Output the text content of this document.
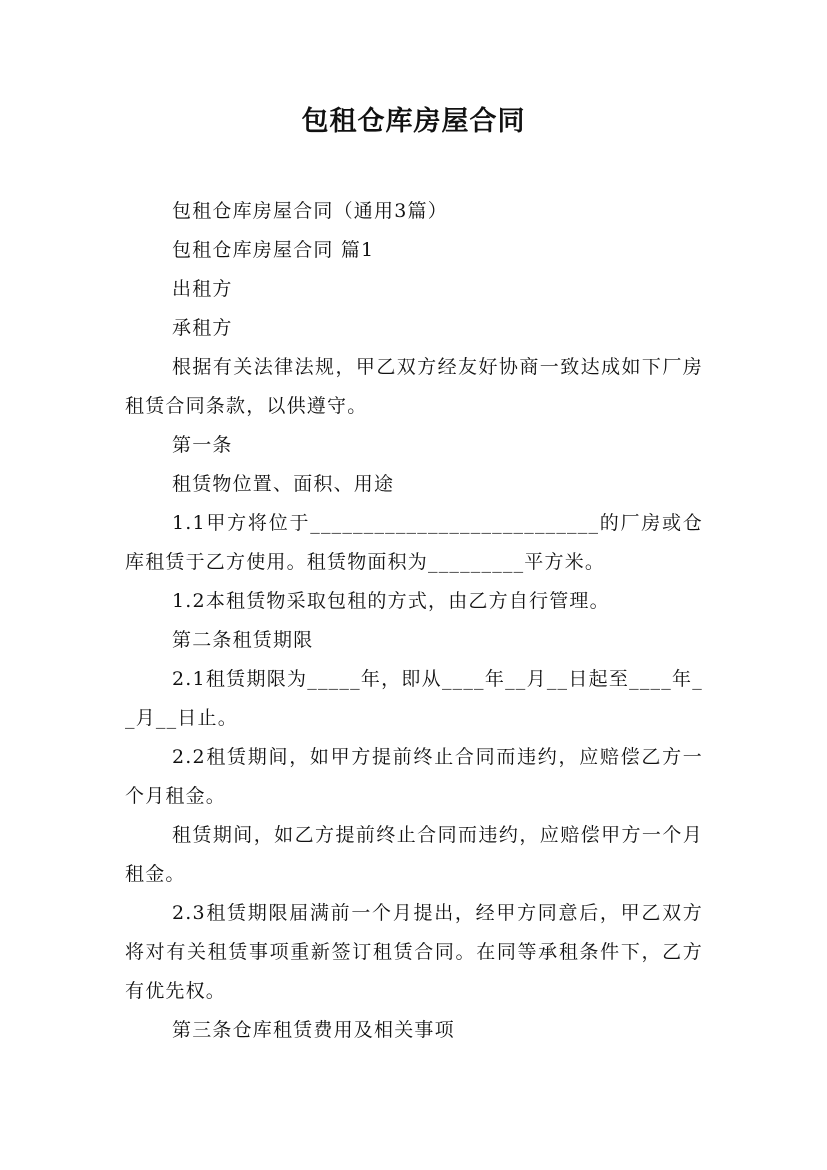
包租仓库房屋合同

包租仓库房屋合同（通用3篇）

包租仓库房屋合同 篇1

出租方

承租方

根据有关法律法规，甲乙双方经友好协商一致达成如下厂房租赁合同条款，以供遵守。

第一条

租赁物位置、面积、用途

1.1甲方将位于___________________________的厂房或仓库租赁于乙方使用。租赁物面积为_________平方米。

1.2本租赁物采取包租的方式，由乙方自行管理。

第二条租赁期限

2.1租赁期限为_____年，即从____年__月__日起至____年__月__日止。

2.2租赁期间，如甲方提前终止合同而违约，应赔偿乙方一个月租金。

租赁期间，如乙方提前终止合同而违约，应赔偿甲方一个月租金。

2.3租赁期限届满前一个月提出，经甲方同意后，甲乙双方将对有关租赁事项重新签订租赁合同。在同等承租条件下，乙方有优先权。

第三条仓库租赁费用及相关事项
